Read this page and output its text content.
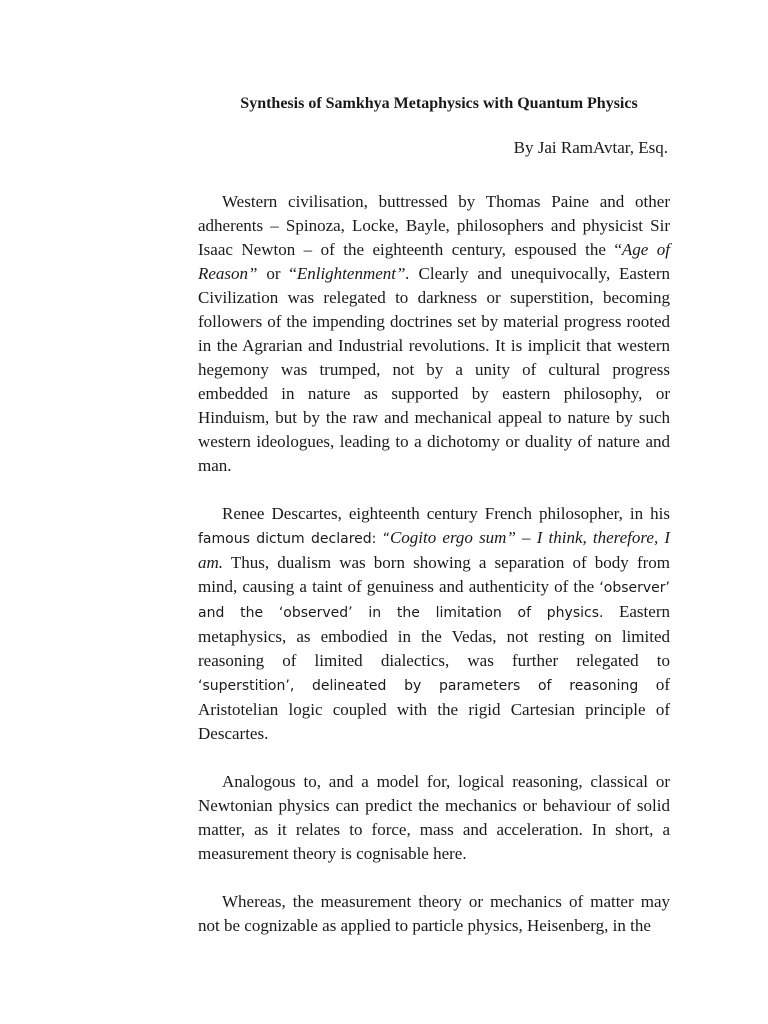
Synthesis of Samkhya Metaphysics with Quantum Physics
By Jai RamAvtar, Esq.

Western civilisation, buttressed by Thomas Paine and other adherents – Spinoza, Locke, Bayle, philosophers and physicist Sir Isaac Newton – of the eighteenth century, espoused the “Age of Reason” or “Enlightenment”. Clearly and unequivocally, Eastern Civilization was relegated to darkness or superstition, becoming followers of the impending doctrines set by material progress rooted in the Agrarian and Industrial revolutions. It is implicit that western hegemony was trumped, not by a unity of cultural progress embedded in nature as supported by eastern philosophy, or Hinduism, but by the raw and mechanical appeal to nature by such western ideologues, leading to a dichotomy or duality of nature and man.

Renee Descartes, eighteenth century French philosopher, in his famous dictum declared: “Cogito ergo sum” – I think, therefore, I am. Thus, dualism was born showing a separation of body from mind, causing a taint of genuiness and authenticity of the ‘observer’ and the ‘observed’ in the limitation of physics. Eastern metaphysics, as embodied in the Vedas, not resting on limited reasoning of limited dialectics, was further relegated to ‘superstition’, delineated by parameters of reasoning of Aristotelian logic coupled with the rigid Cartesian principle of Descartes.

Analogous to, and a model for, logical reasoning, classical or Newtonian physics can predict the mechanics or behaviour of solid matter, as it relates to force, mass and acceleration. In short, a measurement theory is cognisable here.

Whereas, the measurement theory or mechanics of matter may not be cognizable as applied to particle physics, Heisenberg, in the
